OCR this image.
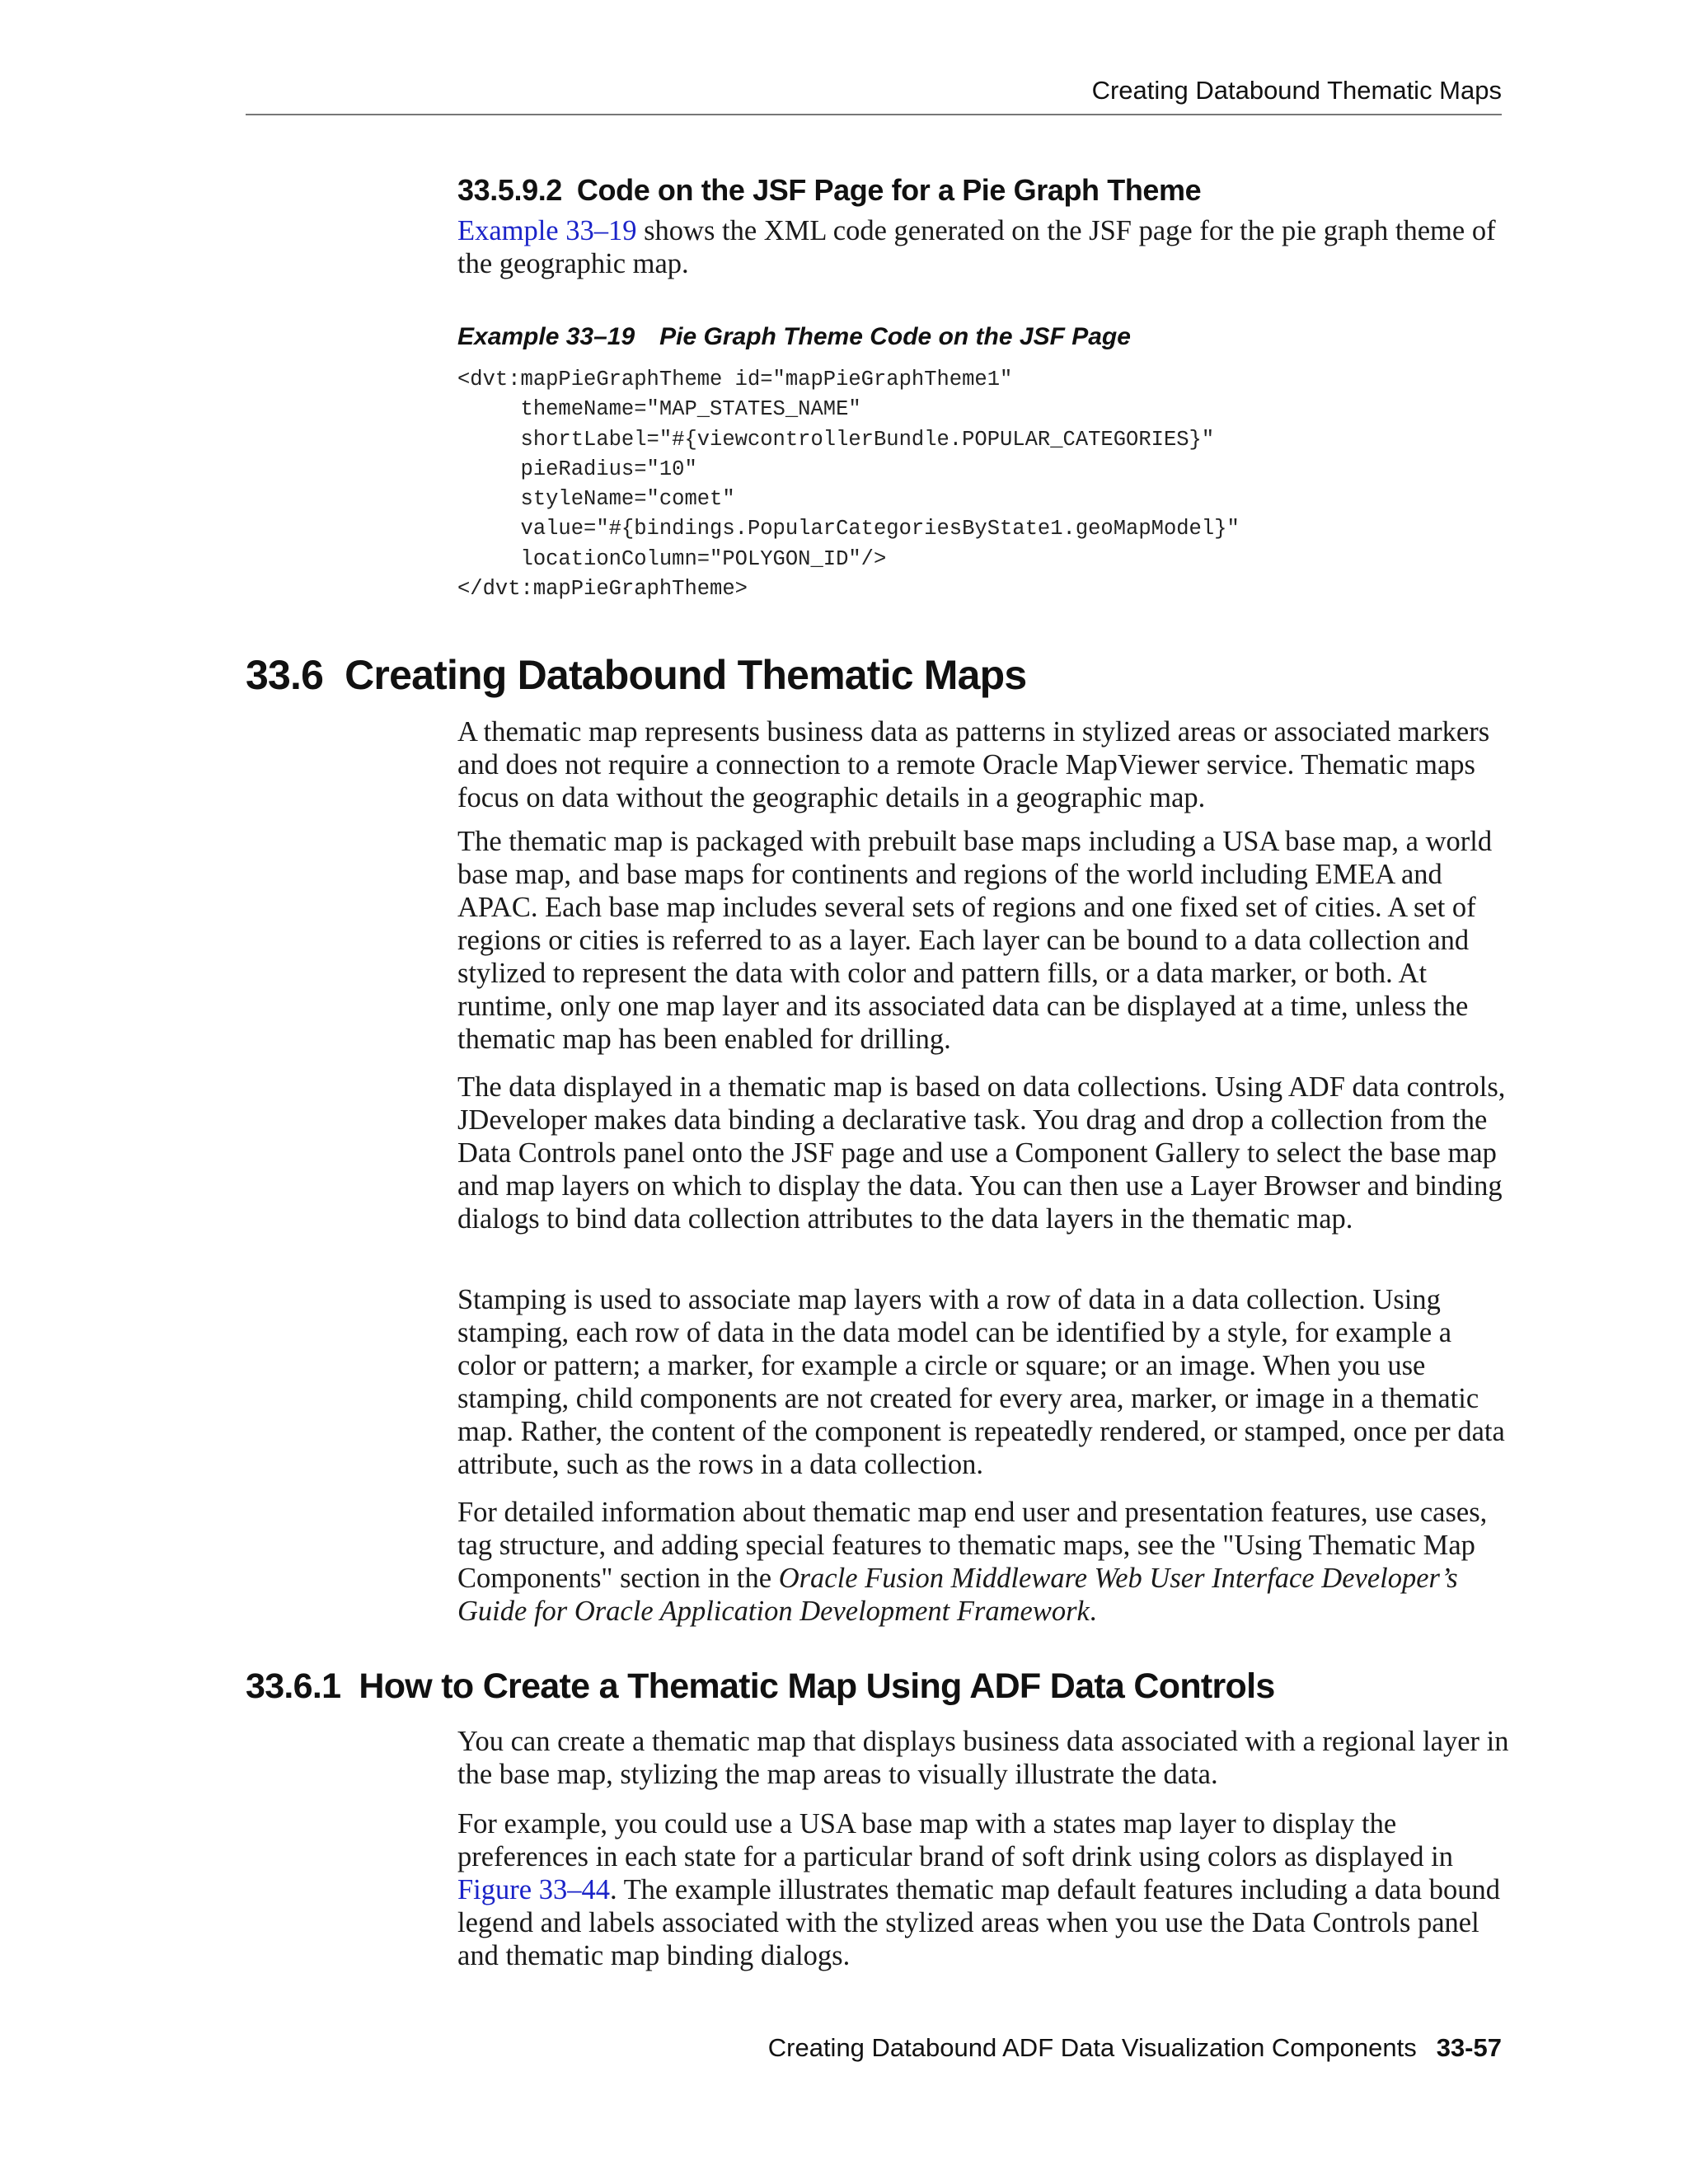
Creating Databound Thematic Maps
33.5.9.2 Code on the JSF Page for a Pie Graph Theme

Example 33–19 shows the XML code generated on the JSF page for the pie graph theme of the geographic map.

Example 33–19 Pie Graph Theme Code on the JSF Page
<dvt:mapPieGraphTheme id="mapPieGraphTheme1"
themeName="MAP_STATES_NAME"
shortLabel="#{viewcontrollerBundle.POPULAR_CATEGORIES}"
pieRadius="10"
styleName="comet"
value="#{bindings.PopularCategoriesByState1.geoMapModel}"
locationColumn="POLYGON_ID"/>
</dvt:mapPieGraphTheme>
33.6 Creating Databound Thematic Maps

A thematic map represents business data as patterns in stylized areas or associated markers and does not require a connection to a remote Oracle MapViewer service. Thematic maps focus on data without the geographic details in a geographic map.

The thematic map is packaged with prebuilt base maps including a USA base map, a world base map, and base maps for continents and regions of the world including EMEA and APAC. Each base map includes several sets of regions and one fixed set of cities. A set of regions or cities is referred to as a layer. Each layer can be bound to a data collection and stylized to represent the data with color and pattern fills, or a data marker, or both. At runtime, only one map layer and its associated data can be displayed at a time, unless the thematic map has been enabled for drilling.

The data displayed in a thematic map is based on data collections. Using ADF data controls, JDeveloper makes data binding a declarative task. You drag and drop a collection from the Data Controls panel onto the JSF page and use a Component Gallery to select the base map and map layers on which to display the data. You can then use a Layer Browser and binding dialogs to bind data collection attributes to the data layers in the thematic map.

Stamping is used to associate map layers with a row of data in a data collection. Using stamping, each row of data in the data model can be identified by a style, for example a color or pattern; a marker, for example a circle or square; or an image. When you use stamping, child components are not created for every area, marker, or image in a thematic map. Rather, the content of the component is repeatedly rendered, or stamped, once per data attribute, such as the rows in a data collection.

For detailed information about thematic map end user and presentation features, use cases, tag structure, and adding special features to thematic maps, see the "Using Thematic Map Components" section in the Oracle Fusion Middleware Web User Interface Developer’s Guide for Oracle Application Development Framework.

33.6.1 How to Create a Thematic Map Using ADF Data Controls

You can create a thematic map that displays business data associated with a regional layer in the base map, stylizing the map areas to visually illustrate the data.

For example, you could use a USA base map with a states map layer to display the preferences in each state for a particular brand of soft drink using colors as displayed in Figure 33–44. The example illustrates thematic map default features including a data bound legend and labels associated with the stylized areas when you use the Data Controls panel and thematic map binding dialogs.

Creating Databound ADF Data Visualization Components 33-57
